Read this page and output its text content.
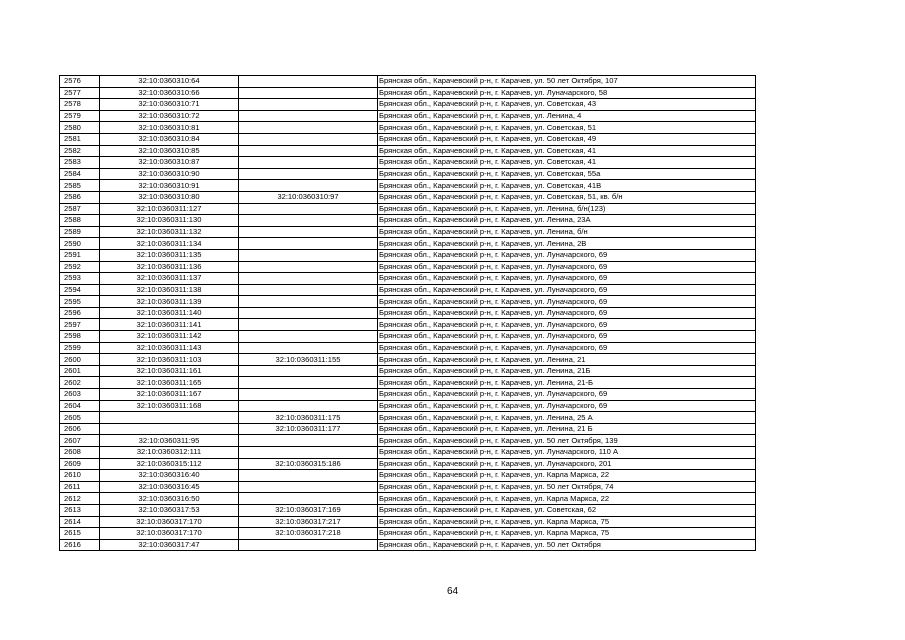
2576	32:10:0360310:64		Брянская обл., Карачевский р-н, г. Карачев, ул. 50 лет Октября, 107
2577	32:10:0360310:66		Брянская обл., Карачевский р-н, г. Карачев, ул. Луначарского, 58
2578	32:10:0360310:71		Брянская обл., Карачевский р-н, г. Карачев, ул. Советская, 43
2579	32:10:0360310:72		Брянская обл., Карачевский р-н, г. Карачев, ул. Ленина, 4
2580	32:10:0360310:81		Брянская обл., Карачевский р-н, г. Карачев, ул. Советская, 51
2581	32:10:0360310:84		Брянская обл., Карачевский р-н, г. Карачев, ул. Советская, 49
2582	32:10:0360310:85		Брянская обл., Карачевский р-н, г. Карачев, ул. Советская, 41
2583	32:10:0360310:87		Брянская обл., Карачевский р-н, г. Карачев, ул. Советская, 41
2584	32:10:0360310:90		Брянская обл., Карачевский р-н, г. Карачев, ул. Советская, 55а
2585	32:10:0360310:91		Брянская обл., Карачевский р-н, г. Карачев, ул. Советская, 41В
2586	32:10:0360310:80	32:10:0360310:97	Брянская обл., Карачевский р-н, г. Карачев, ул. Советская, 51, кв. б/н
2587	32:10:0360311:127		Брянская обл., Карачевский р-н, г. Карачев, ул. Ленина, б/н(123)
2588	32:10:0360311:130		Брянская обл., Карачевский р-н, г. Карачев, ул. Ленина, 23А
2589	32:10:0360311:132		Брянская обл., Карачевский р-н, г. Карачев, ул. Ленина, б/н
2590	32:10:0360311:134		Брянская обл., Карачевский р-н, г. Карачев, ул. Ленина, 2В
2591	32:10:0360311:135		Брянская обл., Карачевский р-н, г. Карачев, ул. Луначарского, 69
2592	32:10:0360311:136		Брянская обл., Карачевский р-н, г. Карачев, ул. Луначарского, 69
2593	32:10:0360311:137		Брянская обл., Карачевский р-н, г. Карачев, ул. Луначарского, 69
2594	32:10:0360311:138		Брянская обл., Карачевский р-н, г. Карачев, ул. Луначарского, 69
2595	32:10:0360311:139		Брянская обл., Карачевский р-н, г. Карачев, ул. Луначарского, 69
2596	32:10:0360311:140		Брянская обл., Карачевский р-н, г. Карачев, ул. Луначарского, 69
2597	32:10:0360311:141		Брянская обл., Карачевский р-н, г. Карачев, ул. Луначарского, 69
2598	32:10:0360311:142		Брянская обл., Карачевский р-н, г. Карачев, ул. Луначарского, 69
2599	32:10:0360311:143		Брянская обл., Карачевский р-н, г. Карачев, ул. Луначарского, 69
2600	32:10:0360311:103	32:10:0360311:155	Брянская обл., Карачевский р-н, г. Карачев, ул. Ленина, 21
2601	32:10:0360311:161		Брянская обл., Карачевский р-н, г. Карачев, ул. Ленина, 21Б
2602	32:10:0360311:165		Брянская обл., Карачевский р-н, г. Карачев, ул. Ленина, 21-Б
2603	32:10:0360311:167		Брянская обл., Карачевский р-н, г. Карачев, ул. Луначарского, 69
2604	32:10:0360311:168		Брянская обл., Карачевский р-н, г. Карачев, ул. Луначарского, 69
2605		32:10:0360311:175	Брянская обл., Карачевский р-н, г. Карачев, ул. Ленина, 25 А
2606		32:10:0360311:177	Брянская обл., Карачевский р-н, г. Карачев, ул. Ленина, 21 Б
2607	32:10:0360311:95		Брянская обл., Карачевский р-н, г. Карачев, ул. 50 лет Октября, 139
2608	32:10:0360312:111		Брянская обл., Карачевский р-н, г. Карачев, ул. Луначарского, 110 А
2609	32:10:0360315:112	32:10:0360315:186	Брянская обл., Карачевский р-н, г. Карачев, ул. Луначарского, 201
2610	32:10:0360316:40		Брянская обл., Карачевский р-н, г. Карачев, ул. Карла Маркса, 22
2611	32:10:0360316:45		Брянская обл., Карачевский р-н, г. Карачев, ул. 50 лет Октября, 74
2612	32:10:0360316:50		Брянская обл., Карачевский р-н, г. Карачев, ул. Карла Маркса, 22
2613	32:10:0360317:53	32:10:0360317:169	Брянская обл., Карачевский р-н, г. Карачев, ул. Советская, 62
2614	32:10:0360317:170	32:10:0360317:217	Брянская обл., Карачевский р-н, г. Карачев, ул. Карла Маркса, 75
2615	32:10:0360317:170	32:10:0360317:218	Брянская обл., Карачевский р-н, г. Карачев, ул. Карла Маркса, 75
2616	32:10:0360317:47		Брянская обл., Карачевский р-н, г. Карачев, ул. 50 лет Октября
64
